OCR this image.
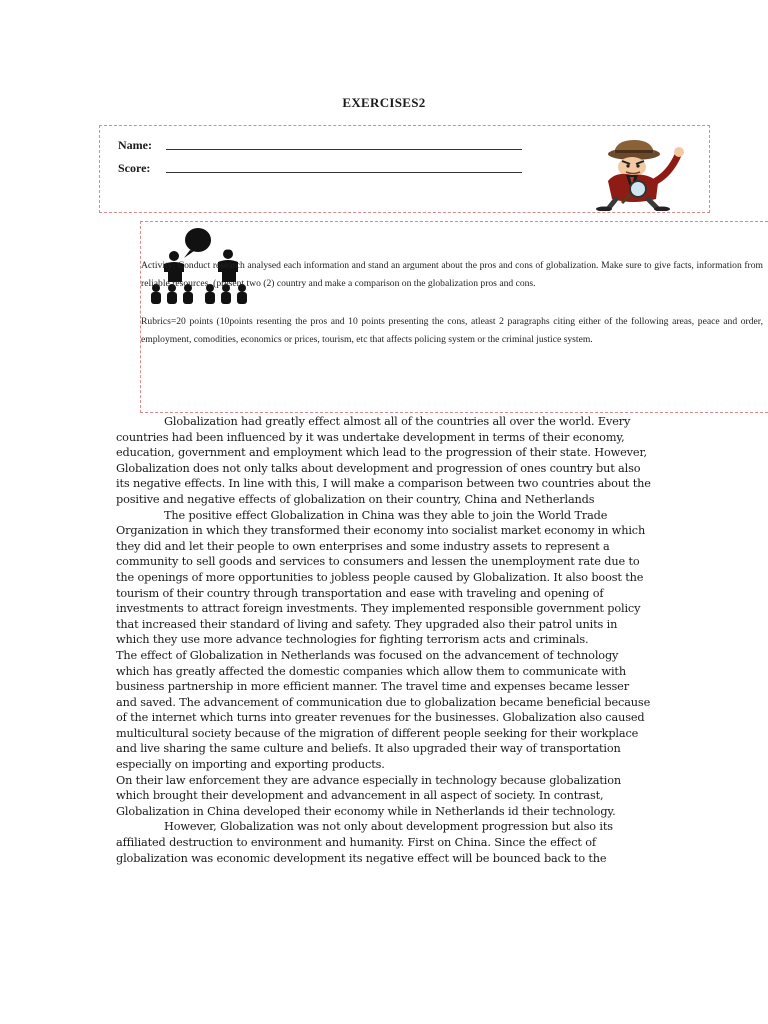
EXERCISES2
Name:
Score:
Activity: Conduct research analysed each information and stand an argument about the pros and cons of globalization. Make sure to give facts, information from reliable resources. (present two (2) country and make a comparison on the globalization pros and cons.
Rubrics=20 points (10points resenting the pros and 10 points presenting the cons, atleast 2 paragraphs citing either of the following areas, peace and order, employment, comodities, economics or prices, tourism, etc that affects policing system or the criminal justice system.

Globalization had greatly effect almost all of the countries all over the world. Every countries had been influenced by it was undertake development in terms of their economy, education, government and employment which lead to the progression of their state. However, Globalization does not only talks about development and progression of ones country but also its negative effects. In line with this, I will make a comparison between two countries about the positive and negative effects of globalization on their country, China and Netherlands

The positive effect Globalization in China was they able to join the World Trade Organization in which they transformed their economy into socialist market economy in which they did and let their people to own enterprises and some industry assets to represent a community to sell goods and services to consumers and lessen the unemployment rate due to the openings of more opportunities to jobless people caused by Globalization. It also boost the tourism of their country through transportation and ease with traveling and opening of investments to attract foreign investments. They implemented responsible government policy that increased their standard of living and safety. They upgraded also their patrol units in which they use more advance technologies for fighting terrorism acts and criminals.

The effect of Globalization in Netherlands was focused on the advancement of technology which has greatly affected the domestic companies which allow them to communicate with business partnership in more efficient manner. The travel time and expenses became lesser and saved. The advancement of communication due to globalization became beneficial because of the internet which turns into greater revenues for the businesses. Globalization also caused multicultural society because of the migration of different people seeking for their workplace and live sharing the same culture and beliefs. It also upgraded their way of transportation especially on importing and exporting products.

On their law enforcement they are advance especially in technology because globalization which brought their development and advancement in all aspect of society. In contrast, Globalization in China developed their economy while in Netherlands id their technology.

However, Globalization was not only about development progression but also its affiliated destruction to environment and humanity. First on China. Since the effect of globalization was economic development its negative effect will be bounced back to the
